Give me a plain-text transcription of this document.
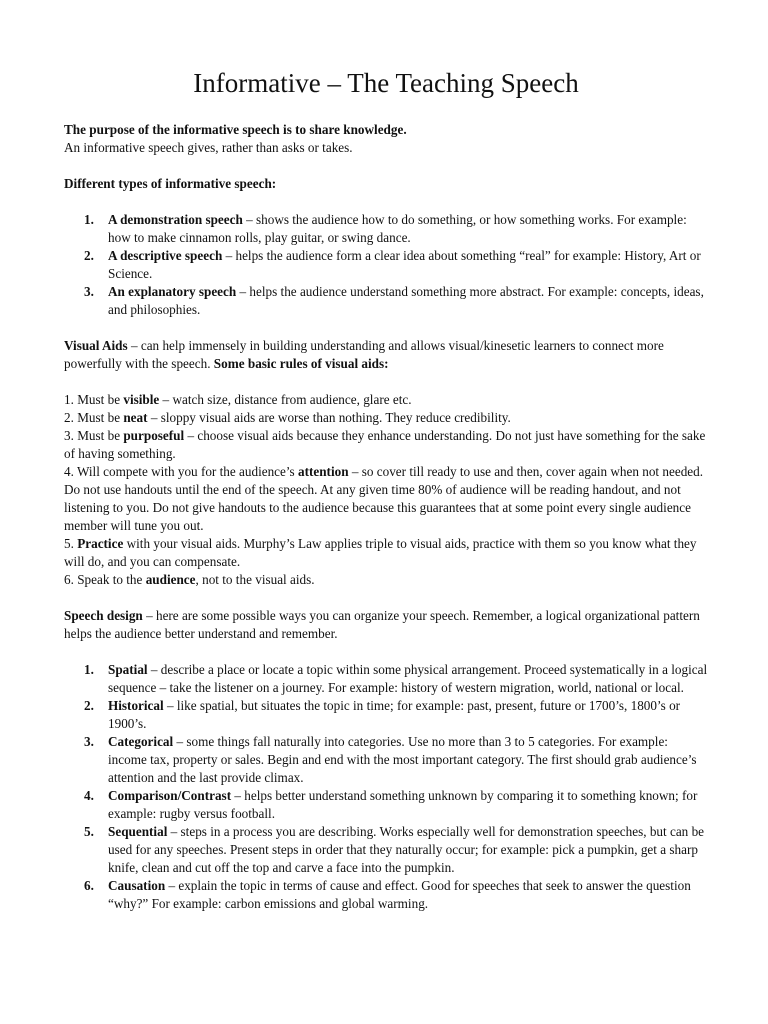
Informative – The Teaching Speech

The purpose of the informative speech is to share knowledge.

An informative speech gives, rather than asks or takes.

Different types of informative speech:

1. A demonstration speech – shows the audience how to do something, or how something works. For example: how to make cinnamon rolls, play guitar, or swing dance.
2. A descriptive speech – helps the audience form a clear idea about something “real” for example: History, Art or Science.
3. An explanatory speech – helps the audience understand something more abstract. For example: concepts, ideas, and philosophies.

Visual Aids – can help immensely in building understanding and allows visual/kinesetic learners to connect more powerfully with the speech. Some basic rules of visual aids:

1. Must be visible – watch size, distance from audience, glare etc.

2. Must be neat – sloppy visual aids are worse than nothing. They reduce credibility.

3. Must be purposeful – choose visual aids because they enhance understanding. Do not just have something for the sake of having something.

4. Will compete with you for the audience’s attention – so cover till ready to use and then, cover again when not needed. Do not use handouts until the end of the speech. At any given time 80% of audience will be reading handout, and not listening to you. Do not give handouts to the audience because this guarantees that at some point every single audience member will tune you out.

5. Practice with your visual aids. Murphy’s Law applies triple to visual aids, practice with them so you know what they will do, and you can compensate.

6. Speak to the audience, not to the visual aids.

Speech design – here are some possible ways you can organize your speech. Remember, a logical organizational pattern helps the audience better understand and remember.

1. Spatial – describe a place or locate a topic within some physical arrangement. Proceed systematically in a logical sequence – take the listener on a journey. For example: history of western migration, world, national or local.
2. Historical – like spatial, but situates the topic in time; for example: past, present, future or 1700’s, 1800’s or 1900’s.
3. Categorical – some things fall naturally into categories. Use no more than 3 to 5 categories. For example: income tax, property or sales. Begin and end with the most important category. The first should grab audience’s attention and the last provide climax.
4. Comparison/Contrast – helps better understand something unknown by comparing it to something known; for example: rugby versus football.
5. Sequential – steps in a process you are describing. Works especially well for demonstration speeches, but can be used for any speeches. Present steps in order that they naturally occur; for example: pick a pumpkin, get a sharp knife, clean and cut off the top and carve a face into the pumpkin.
6. Causation – explain the topic in terms of cause and effect. Good for speeches that seek to answer the question “why?” For example: carbon emissions and global warming.
